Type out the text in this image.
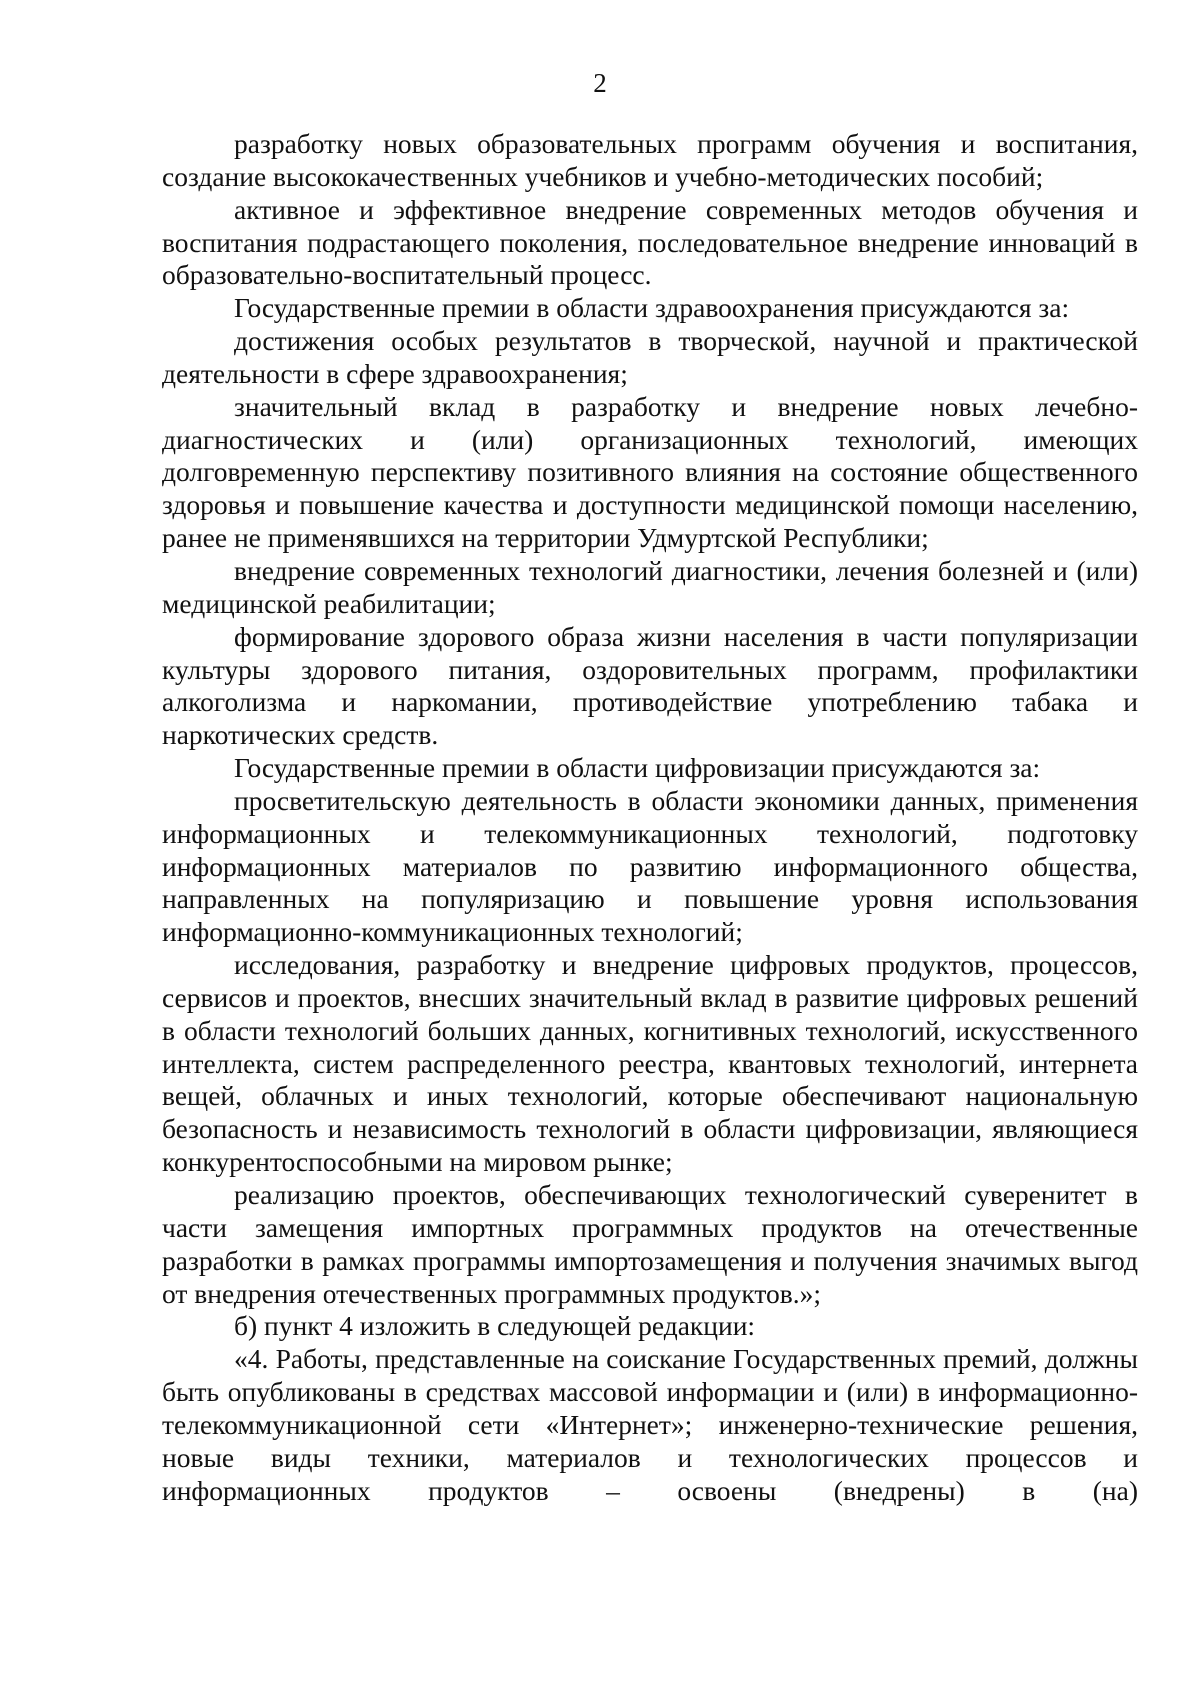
2

разработку новых образовательных программ обучения и воспитания, создание высококачественных учебников и учебно-методических пособий;

активное и эффективное внедрение современных методов обучения и воспитания подрастающего поколения, последовательное внедрение инноваций в образовательно-воспитательный процесс.

Государственные премии в области здравоохранения присуждаются за:

достижения особых результатов в творческой, научной и практической деятельности в сфере здравоохранения;

значительный вклад в разработку и внедрение новых лечебно-диагностических и (или) организационных технологий, имеющих долговременную перспективу позитивного влияния на состояние общественного здоровья и повышение качества и доступности медицинской помощи населению, ранее не применявшихся на территории Удмуртской Республики;

внедрение современных технологий диагностики, лечения болезней и (или) медицинской реабилитации;

формирование здорового образа жизни населения в части популяризации культуры здорового питания, оздоровительных программ, профилактики алкоголизма и наркомании, противодействие употреблению табака и наркотических средств.

Государственные премии в области цифровизации присуждаются за:

просветительскую деятельность в области экономики данных, применения информационных и телекоммуникационных технологий, подготовку информационных материалов по развитию информационного общества, направленных на популяризацию и повышение уровня использования информационно-коммуникационных технологий;

исследования, разработку и внедрение цифровых продуктов, процессов, сервисов и проектов, внесших значительный вклад в развитие цифровых решений в области технологий больших данных, когнитивных технологий, искусственного интеллекта, систем распределенного реестра, квантовых технологий, интернета вещей, облачных и иных технологий, которые обеспечивают национальную безопасность и независимость технологий в области цифровизации, являющиеся конкурентоспособными на мировом рынке;

реализацию проектов, обеспечивающих технологический суверенитет в части замещения импортных программных продуктов на отечественные разработки в рамках программы импортозамещения и получения значимых выгод от внедрения отечественных программных продуктов.»;

б) пункт 4 изложить в следующей редакции:

«4. Работы, представленные на соискание Государственных премий, должны быть опубликованы в средствах массовой информации и (или) в информационно-телекоммуникационной сети «Интернет»; инженерно-технические решения, новые виды техники, материалов и технологических процессов и информационных продуктов – освоены (внедрены) в (на)
